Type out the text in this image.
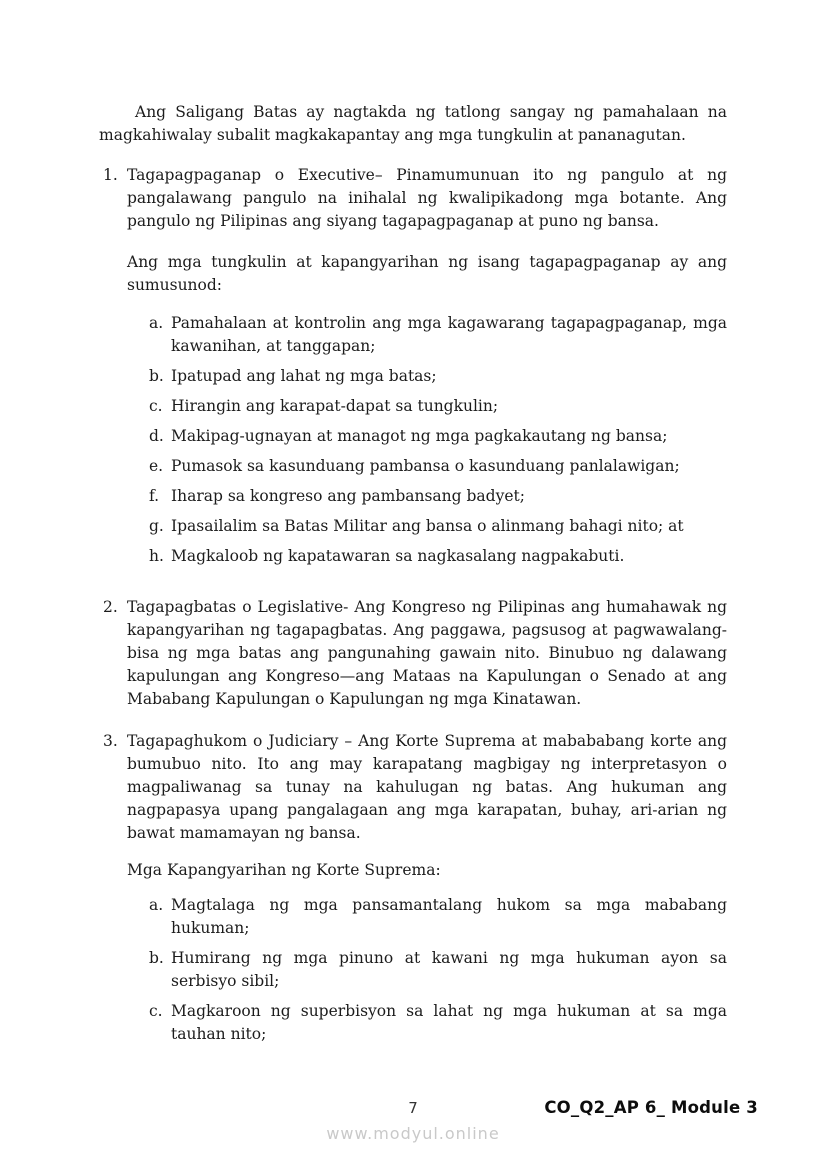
Ang Saligang Batas ay nagtakda ng tatlong sangay ng pamahalaan na magkahiwalay subalit magkakapantay ang mga tungkulin at pananagutan.

1. Tagapagpaganap o Executive– Pinamumunuan ito ng pangulo at ng pangalawang pangulo na inihalal ng kwalipikadong mga botante. Ang pangulo ng Pilipinas ang siyang tagapagpaganap at puno ng bansa.

Ang mga tungkulin at kapangyarihan ng isang tagapagpaganap ay ang sumusunod:

a. Pamahalaan at kontrolin ang mga kagawarang tagapagpaganap, mga kawanihan, at tanggapan;

b. Ipatupad ang lahat ng mga batas;

c. Hirangin ang karapat-dapat sa tungkulin;

d. Makipag-ugnayan at managot ng mga pagkakautang ng bansa;

e. Pumasok sa kasunduang pambansa o kasunduang panlalawigan;

f. Iharap sa kongreso ang pambansang badyet;

g. Ipasailalim sa Batas Militar ang bansa o alinmang bahagi nito; at

h. Magkaloob ng kapatawaran sa nagkasalang nagpakabuti.

2. Tagapagbatas o Legislative- Ang Kongreso ng Pilipinas ang humahawak ng kapangyarihan ng tagapagbatas. Ang paggawa, pagsusog at pagwawalang-bisa ng mga batas ang pangunahing gawain nito. Binubuo ng dalawang kapulungan ang Kongreso—ang Mataas na Kapulungan o Senado at ang Mababang Kapulungan o Kapulungan ng mga Kinatawan.

3. Tagapaghukom o Judiciary – Ang Korte Suprema at mabababang korte ang bumubuo nito. Ito ang may karapatang magbigay ng interpretasyon o magpaliwanag sa tunay na kahulugan ng batas. Ang hukuman ang nagpapasya upang pangalagaan ang mga karapatan, buhay, ari-arian ng bawat mamamayan ng bansa.

Mga Kapangyarihan ng Korte Suprema:

a. Magtalaga ng mga pansamantalang hukom sa mga mababang hukuman;

b. Humirang ng mga pinuno at kawani ng mga hukuman ayon sa serbisyo sibil;

c. Magkaroon ng superbisyon sa lahat ng mga hukuman at sa mga tauhan nito;

7	CO_Q2_AP 6_ Module 3
www.modyul.online
